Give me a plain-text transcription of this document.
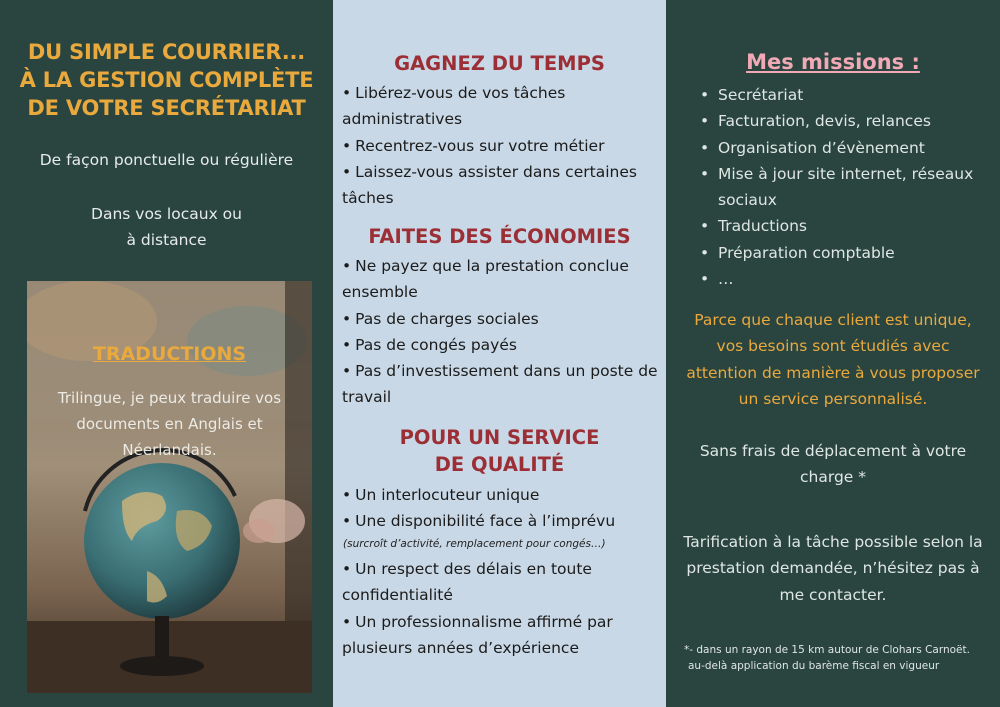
DU SIMPLE COURRIER...
À LA GESTION COMPLÈTE
DE VOTRE SECRÉTARIAT
De façon ponctuelle ou régulière
Dans vos locaux ou
à distance
TRADUCTIONS
Trilingue, je peux traduire vos documents en Anglais et Néerlandais.
GAGNEZ DU TEMPS
• Libérez-vous de vos tâches administratives
• Recentrez-vous sur votre métier
• Laissez-vous assister dans certaines tâches
FAITES DES ÉCONOMIES
• Ne payez que la prestation conclue ensemble
• Pas de charges sociales
• Pas de congés payés
• Pas d’investissement dans un poste de travail
POUR UN SERVICE
DE QUALITÉ
• Un interlocuteur unique
• Une disponibilité face à l’imprévu
(surcroît d’activité, remplacement pour congés…)
• Un respect des délais en toute confidentialité
• Un professionnalisme affirmé par plusieurs années d’expérience
Mes missions :
• Secrétariat
• Facturation, devis, relances
• Organisation d’évènement
• Mise à jour site internet, réseaux sociaux
• Traductions
• Préparation comptable
• …
Parce que chaque client est unique, vos besoins sont étudiés avec attention de manière à vous proposer un service personnalisé.
Sans frais de déplacement à votre charge *
Tarification à la tâche possible selon la prestation demandée, n’hésitez pas à me contacter.
*- dans un rayon de 15 km autour de Clohars Carnoët.
au-delà application du barème fiscal en vigueur
